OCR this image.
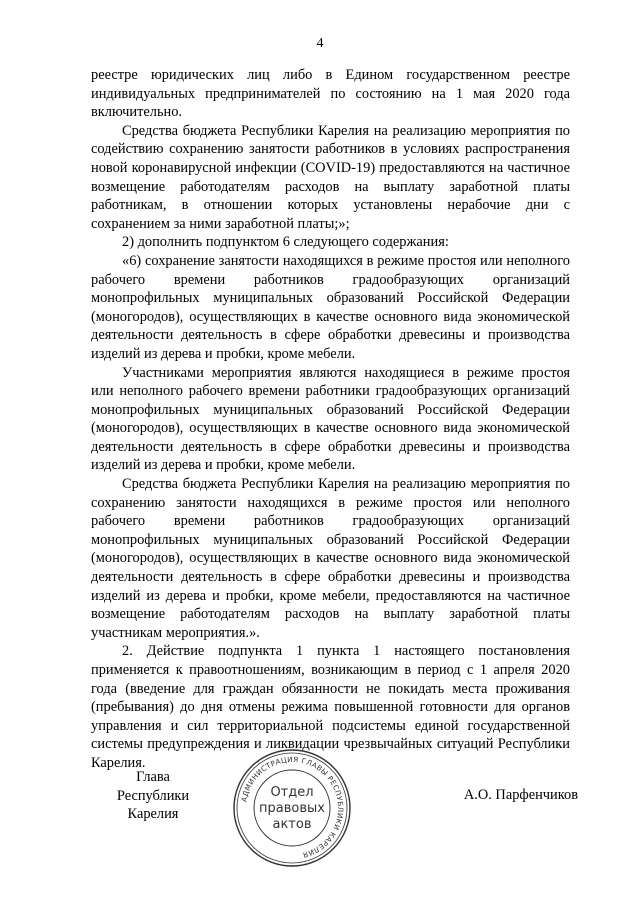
4

реестре юридических лиц либо в Едином государственном реестре индивидуальных предпринимателей по состоянию на 1 мая 2020 года включительно.

Средства бюджета Республики Карелия на реализацию мероприятия по содействию сохранению занятости работников в условиях распространения новой коронавирусной инфекции (COVID-19) предоставляются на частичное возмещение работодателям расходов на выплату заработной платы работникам, в отношении которых установлены нерабочие дни с сохранением за ними заработной платы;»;

2) дополнить подпунктом 6 следующего содержания:

«6) сохранение занятости находящихся в режиме простоя или неполного рабочего времени работников градообразующих организаций монопрофильных муниципальных образований Российской Федерации (моногородов), осуществляющих в качестве основного вида экономической деятельности деятельность в сфере обработки древесины и производства изделий из дерева и пробки, кроме мебели.

Участниками мероприятия являются находящиеся в режиме простоя или неполного рабочего времени работники градообразующих организаций монопрофильных муниципальных образований Российской Федерации (моногородов), осуществляющих в качестве основного вида экономической деятельности деятельность в сфере обработки древесины и производства изделий из дерева и пробки, кроме мебели.

Средства бюджета Республики Карелия на реализацию мероприятия по сохранению занятости находящихся в режиме простоя или неполного рабочего времени работников градообразующих организаций монопрофильных муниципальных образований Российской Федерации (моногородов), осуществляющих в качестве основного вида экономической деятельности деятельность в сфере обработки древесины и производства изделий из дерева и пробки, кроме мебели, предоставляются на частичное возмещение работодателям расходов на выплату заработной платы участникам мероприятия.».

2. Действие подпункта 1 пункта 1 настоящего постановления применяется к правоотношениям, возникающим в период с 1 апреля 2020 года (введение для граждан обязанности не покидать места проживания (пребывания) до дня отмены режима повышенной готовности для органов управления и сил территориальной подсистемы единой государственной системы предупреждения и ликвидации чрезвычайных ситуаций Республики Карелия.

Глава
Республики Карелия
АДМИНИСТРАЦИЯ ГЛАВЫ РЕСПУБЛИКИ КАРЕЛИЯ
Отдел
правовых
актов
А.О. Парфенчиков
